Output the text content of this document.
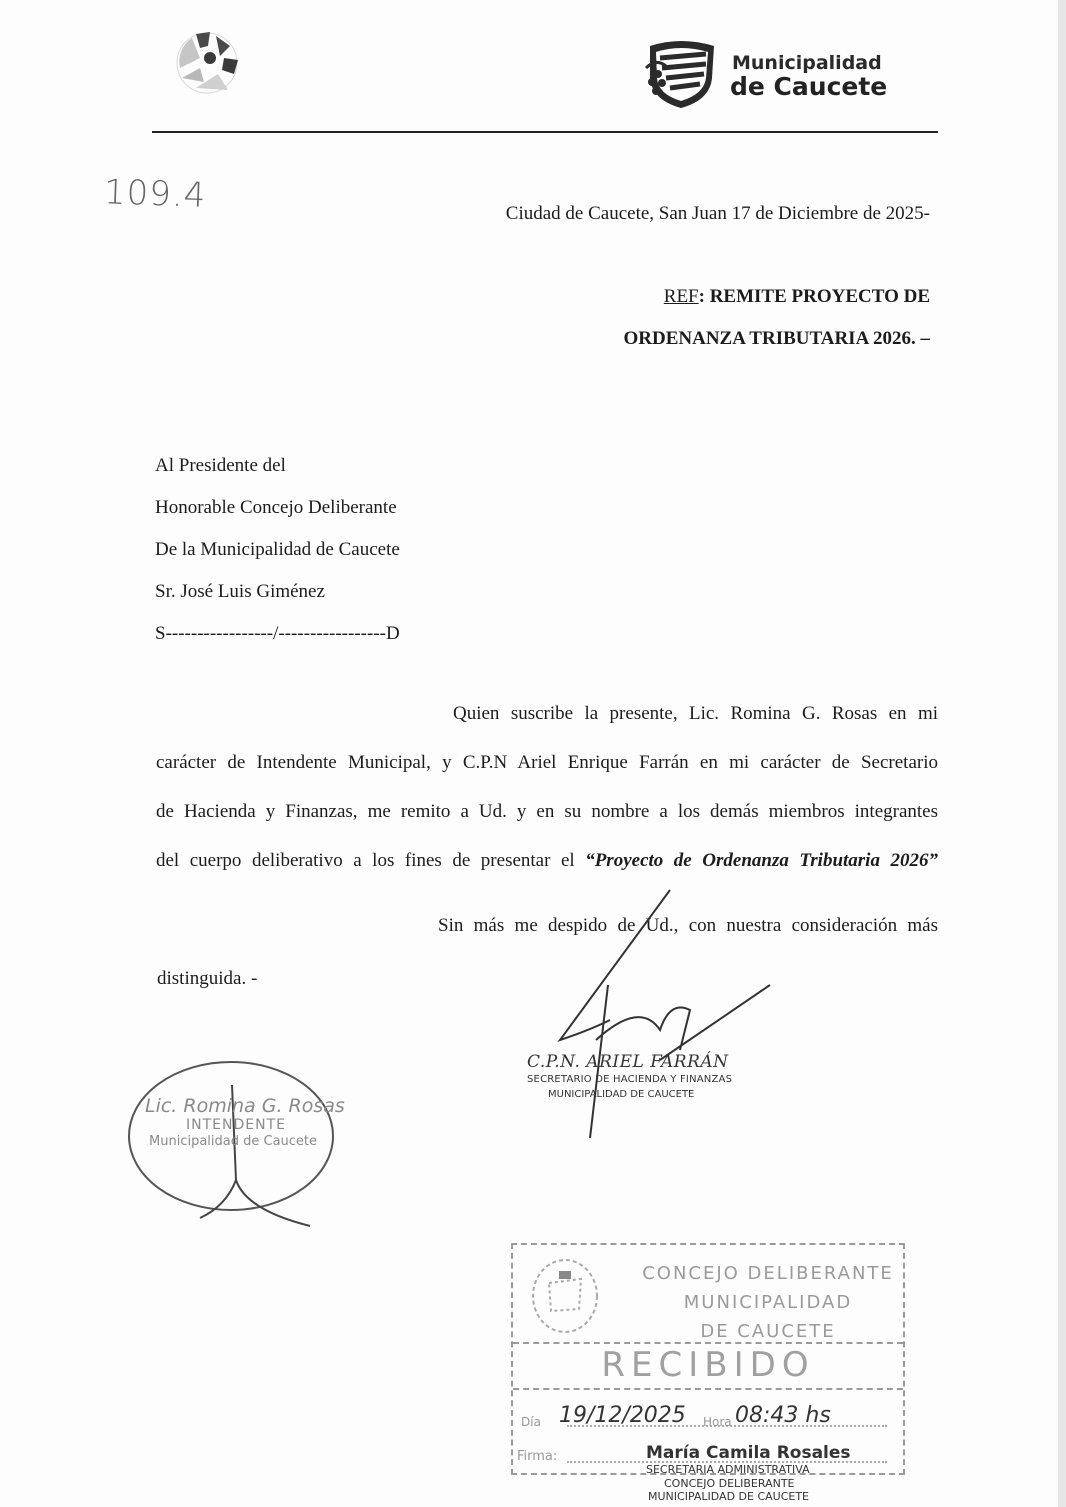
Municipalidad
de Caucete
109.4	Ciudad de Caucete, San Juan 17 de Diciembre de 2025-
REF: REMITE PROYECTO DE
ORDENANZA TRIBUTARIA 2026. –
Al Presidente del
Honorable Concejo Deliberante
De la Municipalidad de Caucete
Sr. José Luis Giménez
S-----------------/-----------------D
Quien suscribe la presente, Lic. Romina G. Rosas en mi
carácter de Intendente Municipal, y C.P.N Ariel Enrique Farrán en mi carácter de Secretario
de Hacienda y Finanzas, me remito a Ud. y en su nombre a los demás miembros integrantes
del cuerpo deliberativo a los fines de presentar el “Proyecto de Ordenanza Tributaria 2026”
Sin más me despido de Ud., con nuestra consideración más
distinguida. -
C.P.N. ARIEL FARRÁN
SECRETARIO DE HACIENDA Y FINANZAS
MUNICIPALIDAD DE CAUCETE
Lic. Romina G. Rosas
INTENDENTE
Municipalidad de Caucete
CONCEJO DELIBERANTE
MUNICIPALIDAD
DE CAUCETE
RECIBIDO
Día 19/12/2025 Hora 08:43 hs
Firma:	María Camila Rosales
SECRETARIA ADMINISTRATIVA
CONCEJO DELIBERANTE
MUNICIPALIDAD DE CAUCETE
